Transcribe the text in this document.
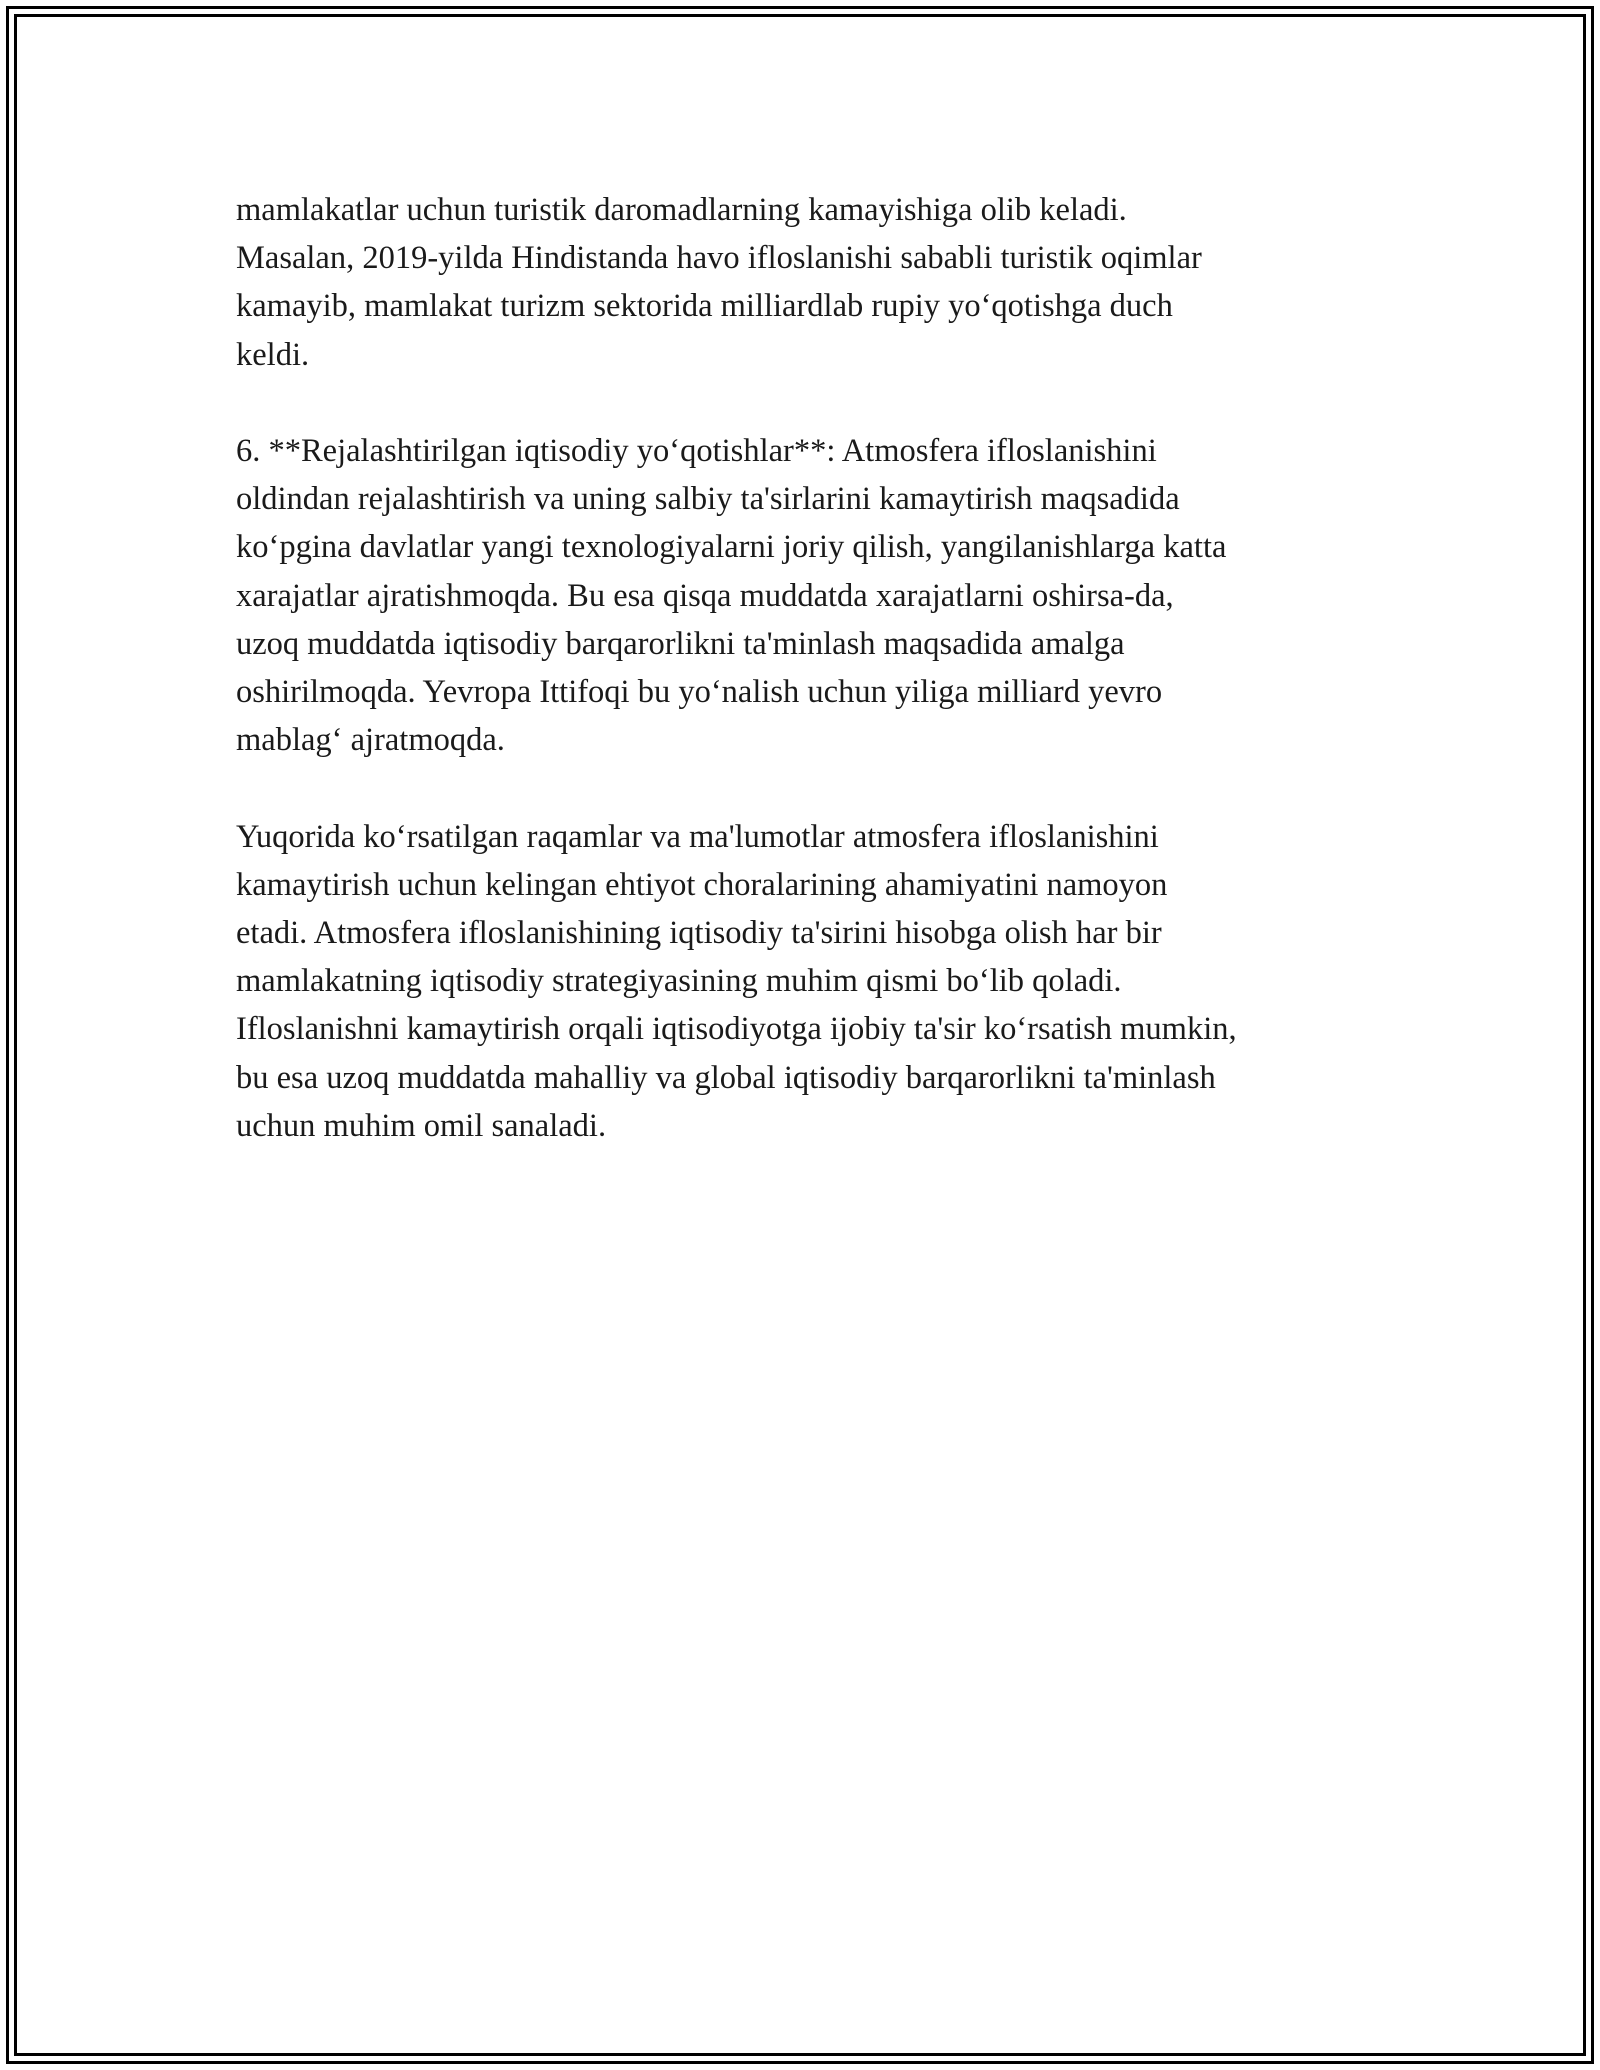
mamlakatlar uchun turistik daromadlarning kamayishiga olib keladi.
Masalan, 2019-yilda Hindistanda havo ifloslanishi sababli turistik oqimlar
kamayib, mamlakat turizm sektorida milliardlab rupiy yo‘qotishga duch
keldi.

6. **Rejalashtirilgan iqtisodiy yo‘qotishlar**: Atmosfera ifloslanishini
oldindan rejalashtirish va uning salbiy ta'sirlarini kamaytirish maqsadida
ko‘pgina davlatlar yangi texnologiyalarni joriy qilish, yangilanishlarga katta
xarajatlar ajratishmoqda. Bu esa qisqa muddatda xarajatlarni oshirsa-da,
uzoq muddatda iqtisodiy barqarorlikni ta'minlash maqsadida amalga
oshirilmoqda. Yevropa Ittifoqi bu yo‘nalish uchun yiliga milliard yevro
mablag‘ ajratmoqda.

Yuqorida ko‘rsatilgan raqamlar va ma'lumotlar atmosfera ifloslanishini
kamaytirish uchun kelingan ehtiyot choralarining ahamiyatini namoyon
etadi. Atmosfera ifloslanishining iqtisodiy ta'sirini hisobga olish har bir
mamlakatning iqtisodiy strategiyasining muhim qismi bo‘lib qoladi.
Ifloslanishni kamaytirish orqali iqtisodiyotga ijobiy ta'sir ko‘rsatish mumkin,
bu esa uzoq muddatda mahalliy va global iqtisodiy barqarorlikni ta'minlash
uchun muhim omil sanaladi.
